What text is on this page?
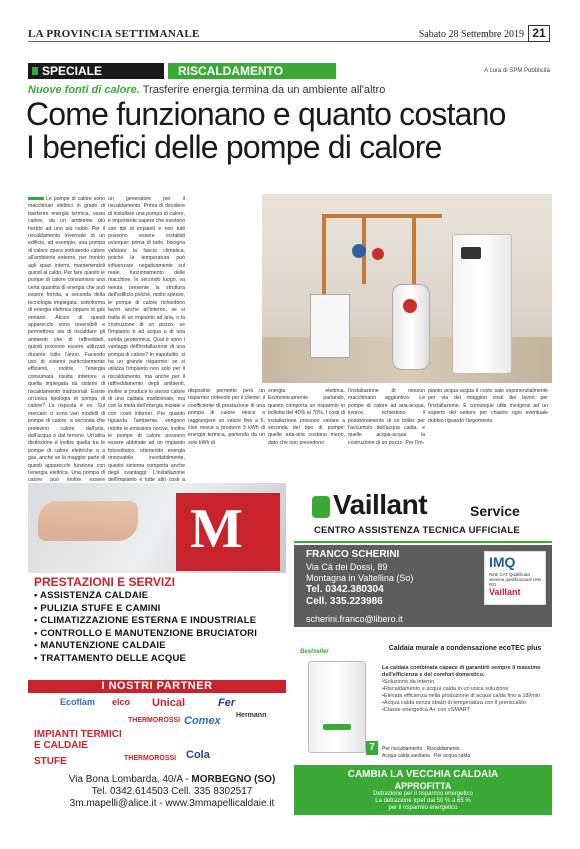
LA PROVINCIA SETTIMANALE	Sabato 28 Settembre 2019 21
SPECIALE	RISCALDAMENTO	A cura di SPM Pubblicità
Nuove fonti di calore. Trasferire energia termina da un ambiente all'altro
Come funzionano e quanto costano
I benefici delle pompe di calore
Le pompe di calore sono macchinari elettrici in grado di trasferire energia termica, ossia calore, da un ambiente più freddo ad uno più caldo. Per il riscaldamento invernale di un edificio, ad esempio, una pompa di calore opera sottraendo calore all'ambiente esterno, per fornirlo agli spazi interni, mantenendoli quindi al caldo. Per fare questo le pompe di calore consumano una certa quantità di energia che può essere fornita, a seconda della tecnologia impiegata, sottoforma di energia elettrica oppure di gas metano. Alcuni di questi apparecchi sono reversibili e permettono sia di riscaldare gli ambienti che di raffreddarli, quindi possono essere utilizzati durante tutto l'anno. Facendo uso di sistemi particolarmente efficienti, inoltre, l'energia consumata risulta inferiore a quella impiegata da sistemi di riscaldamento tradizionali. Esiste un'unica tipologia di pompa di calore? La risposta è no. Sul mercato ci sono vari modelli di pompe di calore, a seconda che prelevino calore dall'aria, dall'acqua o dal terreno. Un'altra distinzione è inoltre quella tra le pompe di calore elettriche o a gas, anche se la maggior parte di questi apparecchi funziona con l'energia elettrica. Una pompa di calore può inoltre essere
un generatore per il riscaldamento. Prima di decidere di installare una pompa di calore, è importante sapere che esistono vari tipi di impianti e non tutti possono essere installati ovunque: prima di tutto, bisogna valutare la fascia climatica, poiché la temperatura può influenzare negativamente sul reale funzionamento delle macchine. In secondo luogo, va tenuta presente la struttura dell'edificio poiché, molto spesso, le pompe di calore richiedono lavori anche all'interno, se si tratta di un impianto ad aria, o la costruzione di un pozzo, se l'impianto è ad acqua o di una sonda geotermica. Qual è sono i vantaggi dell'installazione di una pompa di calore? In naputuitto, si ha un grande risparmio: se si utilizza l'impianto non solo per il riscaldamento, ma anche per il raffreddamento degli ambienti, inoltre si produce lo stesso calore di una caldaia tradizionale, ma con la metà dell'energia iniziale e con costi inferiori. Per quanto riguarda l'ambiente, vengono ridotte le emissioni nocive, inoltre le pompe di calore possono essere abbinate ad un impianto fotovoltaico, ottenendo energia rinnovabile, inevitabilmente, questo sistema comporta anche degli svantaggi. L'installazione dell'impianto e tutte altri costi a
dispositivi permette però un risparmio notevole per il cliente: il coefficiente di prestazione di una pompa di calore riesce a raggiungere un valore fino a 5, cioè riesce a produrre 5 kWh di energia termica, partendo da un solo kWh di
energia elettrica. Economicamente parlando, questo comporta un risparmio in bolletta del 40% al 70%. I costi di installazione possono variare a seconda del tipo di pompe: quelle aria-aria costano meno, dato che non prevedono
l'installazione di nessun macchinario aggiuntivo. Le pompe di calore ad aria-acqua, invece, richiedono il posizionamento di un boiler per l'accumulo dell'acqua calda, e quelle acqua-acqua la costruzione di un pozzo. Per l'im-
pianto acqua-acqua il costo sale esponenzialmente per via dei maggiori costi dei lavori per l'installazione. È comunque utile rivolgersi ad un esperto del settore per chiarire ogni eventuale dubbio riguardo l'argomento.
M
PRESTAZIONI E SERVIZI
• ASSISTENZA CALDAIE
• PULIZIA STUFE E CAMINI
• CLIMATIZZAZIONE ESTERNA E INDUSTRIALE
• CONTROLLO E MANUTENZIONE BRUCIATORI
• MANUTENZIONE CALDAIE
• TRATTAMENTO DELLE ACQUE
I NOSTRI PARTNER
Ecoflam elco Unical	Fer
THERMOROSSI Comex Hermann
THERMOROSSI Cola
IMPIANTI TERMICI
E CALDAIE
STUFE
Via Bona Lombarda, 40/A - MORBEGNO (SO)
Tel. 0342.614503 Cell. 335 8302517
3m.mapelli@alice.it - www.3mmapellicaldaie.it
Vaillant	Service
CENTRO ASSISTENZA TECNICA UFFICIALE
FRANCO SCHERINI
Via Cà dei Dossi, 89
Montagna in Valtellina (So)
Tel. 0342.380304
Cell. 335.223986
IMQ
Rete CAT Qualificata sistema qualificazione UNI 001
Vaillant
scherini.franco@libero.it
Bestseller	Caldaia murale a condensazione ecoTEC plus
La caldaia combinata capace di garantirti sempre il massimo dell'efficienza e del comfort domestico.
•Soluzione da interno
•Riscaldamento e acqua calda in un'unica soluzione
•Elevata efficienza nella produzione di acqua calda fino a 18l/min
•Acqua calda senza sbalzi di temperatura con il preriscaldo
•Classe energetica A+ con vSMART
7	Per riscaldamento Riscaldamento
Acqua calda sanitaria Per acqua calda
CAMBIA LA VECCHIA CALDAIA
APPROFITTA
Detrazione per il risparmio energetico
La detrazione Irpef dal 50 % a 65 %
per il risparmio energetico
